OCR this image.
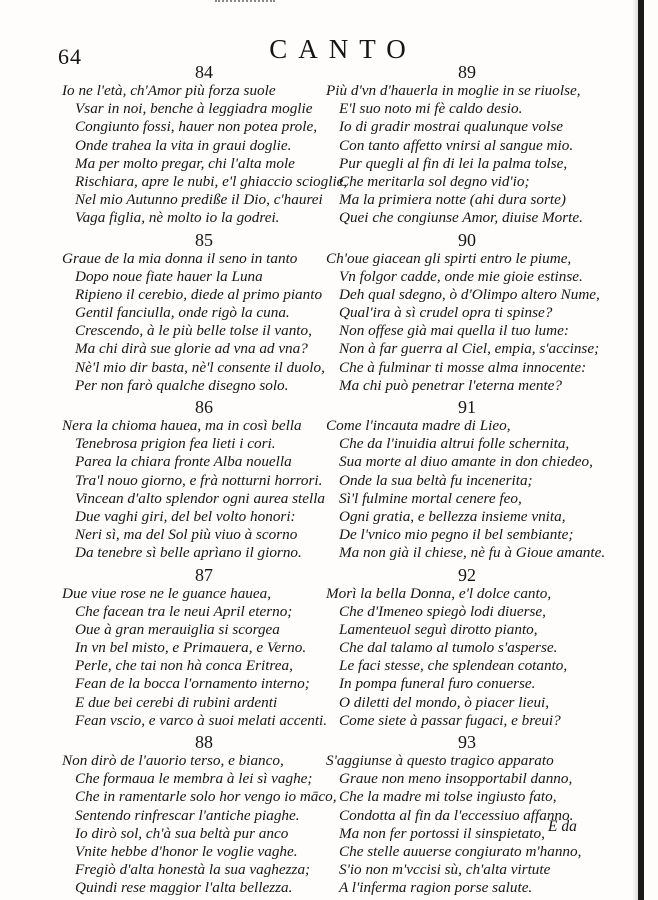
64	CANTO
84
Io ne l'età, ch'Amor più forza suole
Vsar in noi, benche à leggiadra moglie
Congiunto fossi, hauer non potea prole,
Onde trahea la vita in graui doglie.
Ma per molto pregar, chi l'alta mole
Rischiara, apre le nubi, e'l ghiaccio scioglie,
Nel mio Autunno prediße il Dio, c'haurei
Vaga figlia, nè molto io la godrei.
85
Graue de la mia donna il seno in tanto
Dopo noue fiate hauer la Luna
Ripieno il cerebio, diede al primo pianto
Gentil fanciulla, onde rigò la cuna.
Crescendo, à le più belle tolse il vanto,
Ma chi dirà sue glorie ad vna ad vna?
Nè'l mio dir basta, nè'l consente il duolo,
Per non farò qualche disegno solo.
86
Nera la chioma hauea, ma in così bella
Tenebrosa prigion fea lieti i cori.
Parea la chiara fronte Alba nouella
Tra'l nouo giorno, e frà notturni horrori.
Vincean d'alto splendor ogni aurea stella
Due vaghi giri, del bel volto honori:
Neri sì, ma del Sol più viuo à scorno
Da tenebre sì belle aprìano il giorno.
87
Due viue rose ne le guance hauea,
Che facean tra le neui April eterno;
Oue à gran merauiglia si scorgea
In vn bel misto, e Primauera, e Verno.
Perle, che tai non hà conca Eritrea,
Fean de la bocca l'ornamento interno;
E due bei cerebi di rubini ardenti
Fean vscio, e varco à suoi melati accenti.
88
Non dirò de l'auorio terso, e bianco,
Che formaua le membra à lei sì vaghe;
Che in ramentarle solo hor vengo io māco,
Sentendo rinfrescar l'antiche piaghe.
Io dirò sol, ch'à sua beltà pur anco
Vnite hebbe d'honor le voglie vaghe.
Fregiò d'alta honestà la sua vaghezza;
Quindi rese maggior l'alta bellezza.
89
Più d'vn d'hauerla in moglie in se riuolse,
E'l suo noto mi fè caldo desio.
Io di gradir mostrai qualunque volse
Con tanto affetto vnirsi al sangue mio.
Pur quegli al fin di lei la palma tolse,
Che meritarla sol degno vid'io;
Ma la primiera notte (ahi dura sorte)
Quei che congiunse Amor, diuise Morte.
90
Ch'oue giacean gli spirti entro le piume,
Vn folgor cadde, onde mie gioie estinse.
Deh qual sdegno, ò d'Olimpo altero Nume,
Qual'ira à sì crudel opra ti spinse?
Non offese già mai quella il tuo lume:
Non à far guerra al Ciel, empia, s'accinse;
Che à fulminar ti mosse alma innocente:
Ma chi può penetrar l'eterna mente?
91
Come l'incauta madre di Lieo,
Che da l'inuidia altrui folle schernita,
Sua morte al diuo amante in don chiedeo,
Onde la sua beltà fu incenerita;
Sì'l fulmine mortal cenere feo,
Ogni gratia, e bellezza insieme vnita,
De l'vnico mio pegno il bel sembiante;
Ma non già il chiese, nè fu à Gioue amante.
92
Morì la bella Donna, e'l dolce canto,
Che d'Imeneo spiegò lodi diuerse,
Lamenteuol seguì dirotto pianto,
Che dal talamo al tumolo s'asperse.
Le faci stesse, che splendean cotanto,
In pompa funeral furo conuerse.
O diletti del mondo, ò piacer lieui,
Come siete à passar fugaci, e breui?
93
S'aggiunse à questo tragico apparato
Graue non meno insopportabil danno,
Che la madre mi tolse ingiusto fato,
Condotta al fin da l'eccessiuo affanno.
Ma non fer portossi il sinspietato,
Che stelle auuerse congiurato m'hanno,
S'io non m'vccisi sù, ch'alta virtute
A l'inferma ragion porse salute.
E da
